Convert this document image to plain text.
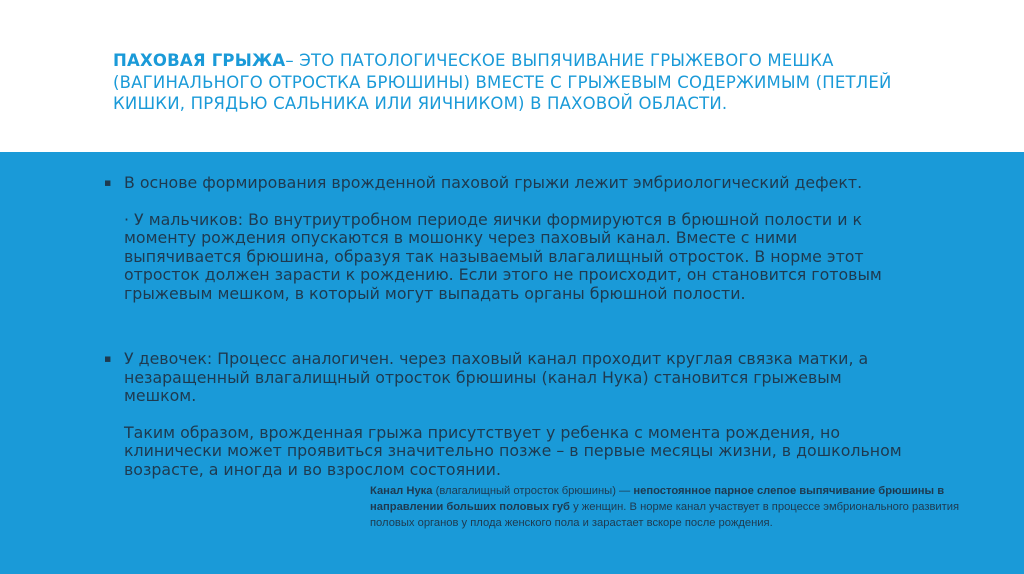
ПАХОВАЯ ГРЫЖА– ЭТО ПАТОЛОГИЧЕСКОЕ ВЫПЯЧИВАНИЕ ГРЫЖЕВОГО МЕШКА (ВАГИНАЛЬНОГО ОТРОСТКА БРЮШИНЫ) ВМЕСТЕ С ГРЫЖЕВЫМ СОДЕРЖИМЫМ (ПЕТЛЕЙ КИШКИ, ПРЯДЬЮ САЛЬНИКА ИЛИ ЯИЧНИКОМ) В ПАХОВОЙ ОБЛАСТИ.
▪ В основе формирования врожденной паховой грыжи лежит эмбриологический дефект.

· У мальчиков: Во внутриутробном периоде яички формируются в брюшной полости и к моменту рождения опускаются в мошонку через паховый канал. Вместе с ними выпячивается брюшина, образуя так называемый влагалищный отросток. В норме этот отросток должен зарасти к рождению. Если этого не происходит, он становится готовым грыжевым мешком, в который могут выпадать органы брюшной полости.

▪ У девочек: Процесс аналогичен. через паховый канал проходит круглая связка матки, а незаращенный влагалищный отросток брюшины (канал Нука) становится грыжевым мешком.

Таким образом, врожденная грыжа присутствует у ребенка с момента рождения, но клинически может проявиться значительно позже – в первые месяцы жизни, в дошкольном возрасте, а иногда и во взрослом состоянии.

Канал Нука (влагалищный отросток брюшины) — непостоянное парное слепое выпячивание брюшины в направлении больших половых губ у женщин. В норме канал участвует в процессе эмбрионального развития половых органов у плода женского пола и зарастает вскоре после рождения.
